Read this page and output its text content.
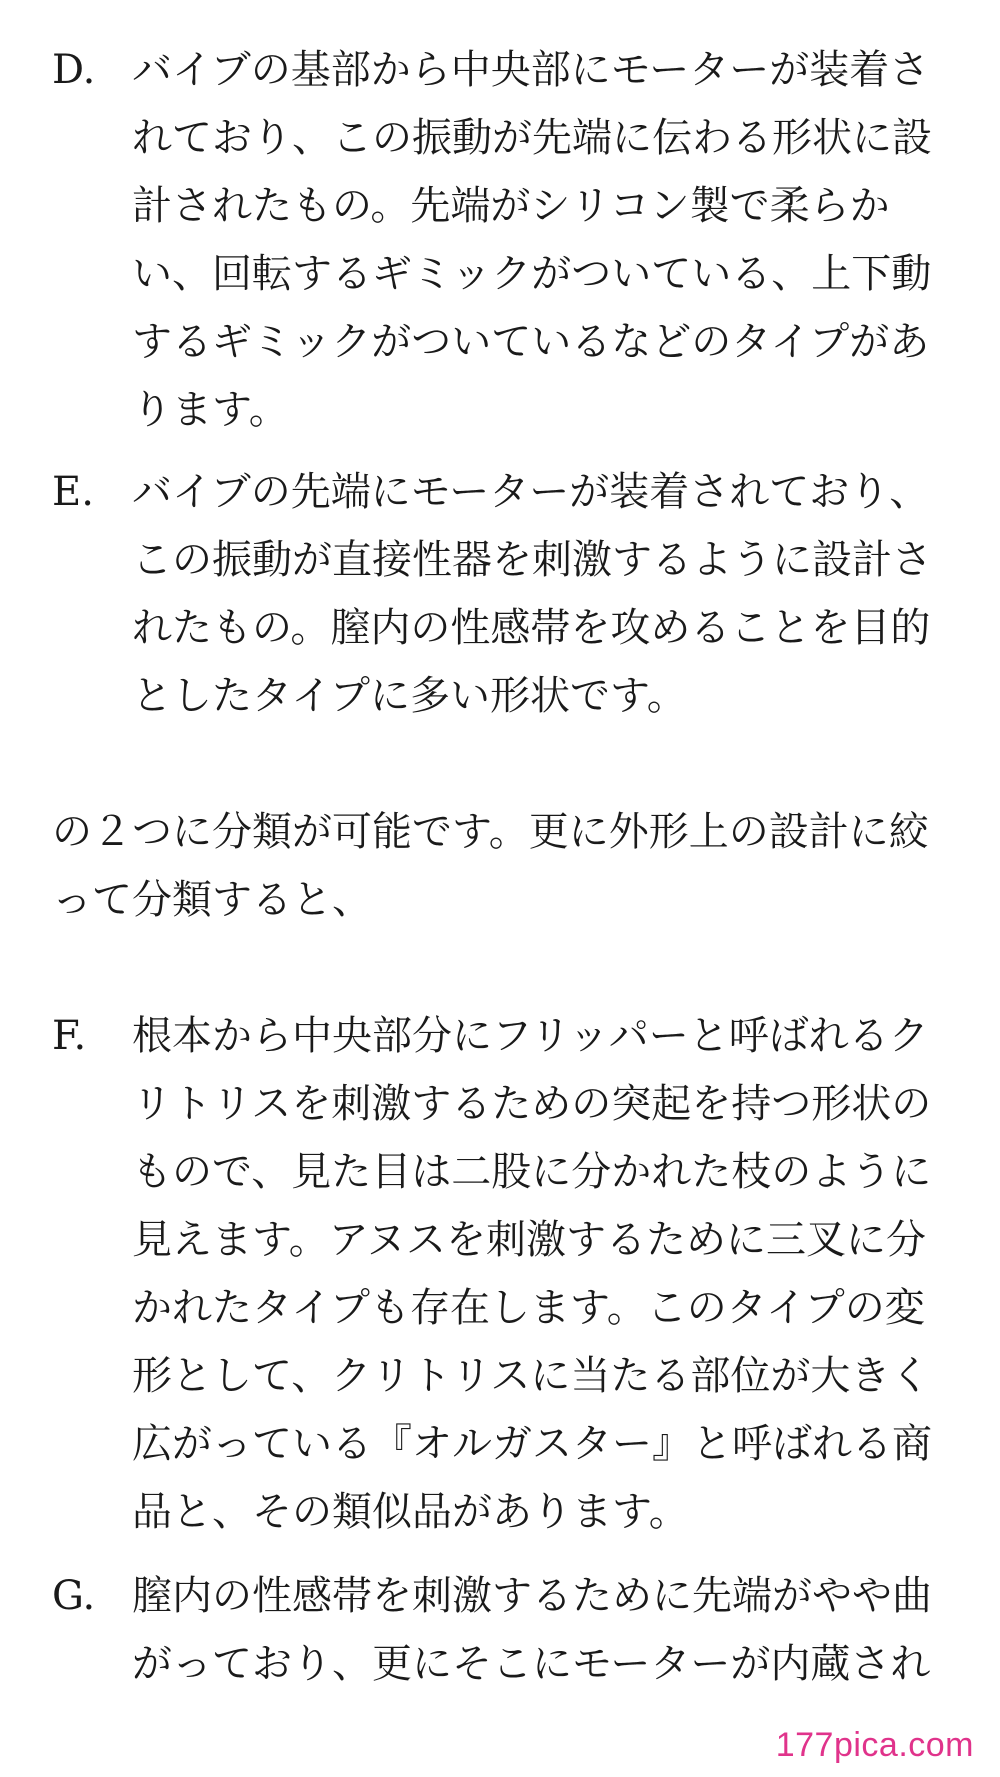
D. バイブの基部から中央部にモーターが装着さ
れており、この振動が先端に伝わる形状に設
計されたもの。先端がシリコン製で柔らか
い、回転するギミックがついている、上下動
するギミックがついているなどのタイプがあ
ります。
E. バイブの先端にモーターが装着されており、
この振動が直接性器を刺激するように設計さ
れたもの。膣内の性感帯を攻めることを目的
としたタイプに多い形状です。
の２つに分類が可能です。更に外形上の設計に絞
って分類すると、
F. 根本から中央部分にフリッパーと呼ばれるク
リトリスを刺激するための突起を持つ形状の
もので、見た目は二股に分かれた枝のように
見えます。アヌスを刺激するために三叉に分
かれたタイプも存在します。このタイプの変
形として、クリトリスに当たる部位が大きく
広がっている『オルガスター』と呼ばれる商
品と、その類似品があります。
G. 膣内の性感帯を刺激するために先端がやや曲
がっており、更にそこにモーターが内蔵され
177pica.com
